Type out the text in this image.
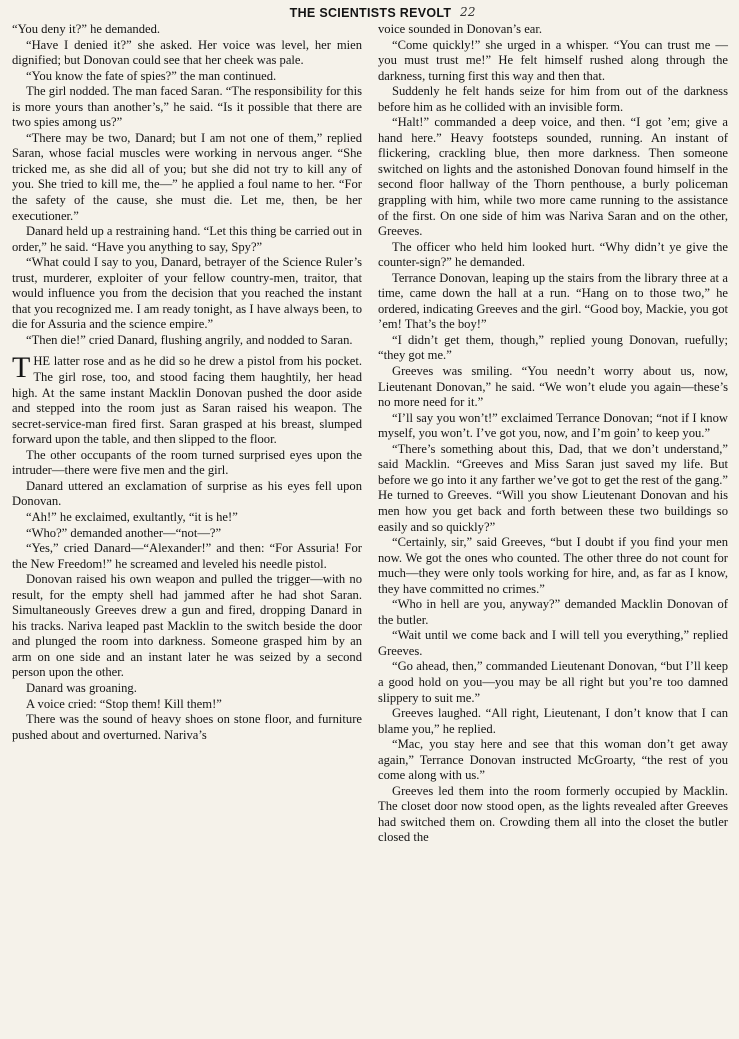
THE SCIENTISTS REVOLT 22

“You deny it?” he demanded.

“Have I denied it?” she asked. Her voice was level, her mien dignified; but Donovan could see that her cheek was pale.

“You know the fate of spies?” the man continued.

The girl nodded. The man faced Saran. “The responsibility for this is more yours than another’s,” he said. “Is it possible that there are two spies among us?”

“There may be two, Danard; but I am not one of them,” replied Saran, whose facial muscles were working in nervous anger. “She tricked me, as she did all of you; but she did not try to kill any of you. She tried to kill me, the—” he applied a foul name to her. “For the safety of the cause, she must die. Let me, then, be her executioner.”

Danard held up a restraining hand. “Let this thing be carried out in order,” he said. “Have you anything to say, Spy?”

“What could I say to you, Danard, betrayer of the Science Ruler’s trust, murderer, exploiter of your fellow country-men, traitor, that would influence you from the decision that you reached the instant that you recognized me. I am ready tonight, as I have always been, to die for Assuria and the science empire.”

“Then die!” cried Danard, flushing angrily, and nodded to Saran.

THE latter rose and as he did so he drew a pistol from his pocket. The girl rose, too, and stood facing them haughtily, her head high. At the same instant Macklin Donovan pushed the door aside and stepped into the room just as Saran raised his weapon. The secret-service-man fired first. Saran grasped at his breast, slumped forward upon the table, and then slipped to the floor.

The other occupants of the room turned surprised eyes upon the intruder—there were five men and the girl.

Danard uttered an exclamation of surprise as his eyes fell upon Donovan.

“Ah!” he exclaimed, exultantly, “it is he!”

“Who?” demanded another—“not—?”

“Yes,” cried Danard—“Alexander!” and then: “For Assuria! For the New Freedom!” he screamed and leveled his needle pistol.

Donovan raised his own weapon and pulled the trigger—with no result, for the empty shell had jammed after he had shot Saran. Simultaneously Greeves drew a gun and fired, dropping Danard in his tracks. Nariva leaped past Macklin to the switch beside the door and plunged the room into darkness. Someone grasped him by an arm on one side and an instant later he was seized by a second person upon the other.

Danard was groaning.

A voice cried: “Stop them! Kill them!”

There was the sound of heavy shoes on stone floor, and furniture pushed about and overturned. Nariva’s

voice sounded in Donovan’s ear.

“Come quickly!” she urged in a whisper. “You can trust me — you must trust me!” He felt himself rushed along through the darkness, turning first this way and then that.

Suddenly he felt hands seize for him from out of the darkness before him as he collided with an invisible form.

“Halt!” commanded a deep voice, and then. “I got ’em; give a hand here.” Heavy footsteps sounded, running. An instant of flickering, crackling blue, then more darkness. Then someone switched on lights and the astonished Donovan found himself in the second floor hallway of the Thorn penthouse, a burly policeman grappling with him, while two more came running to the assistance of the first. On one side of him was Nariva Saran and on the other, Greeves.

The officer who held him looked hurt. “Why didn’t ye give the counter-sign?” he demanded.

Terrance Donovan, leaping up the stairs from the library three at a time, came down the hall at a run. “Hang on to those two,” he ordered, indicating Greeves and the girl. “Good boy, Mackie, you got ’em! That’s the boy!”

“I didn’t get them, though,” replied young Donovan, ruefully; “they got me.”

Greeves was smiling. “You needn’t worry about us, now, Lieutenant Donovan,” he said. “We won’t elude you again—these’s no more need for it.”

“I’ll say you won’t!” exclaimed Terrance Donovan; “not if I know myself, you won’t. I’ve got you, now, and I’m goin’ to keep you.”

“There’s something about this, Dad, that we don’t understand,” said Macklin. “Greeves and Miss Saran just saved my life. But before we go into it any farther we’ve got to get the rest of the gang.” He turned to Greeves. “Will you show Lieutenant Donovan and his men how you get back and forth between these two buildings so easily and so quickly?”

“Certainly, sir,” said Greeves, “but I doubt if you find your men now. We got the ones who counted. The other three do not count for much—they were only tools working for hire, and, as far as I know, they have committed no crimes.”

“Who in hell are you, anyway?” demanded Macklin Donovan of the butler.

“Wait until we come back and I will tell you everything,” replied Greeves.

“Go ahead, then,” commanded Lieutenant Donovan, “but I’ll keep a good hold on you—you may be all right but you’re too damned slippery to suit me.”

Greeves laughed. “All right, Lieutenant, I don’t know that I can blame you,” he replied.

“Mac, you stay here and see that this woman don’t get away again,” Terrance Donovan instructed McGroarty, “the rest of you come along with us.”

Greeves led them into the room formerly occupied by Macklin. The closet door now stood open, as the lights revealed after Greeves had switched them on. Crowding them all into the closet the butler closed the
